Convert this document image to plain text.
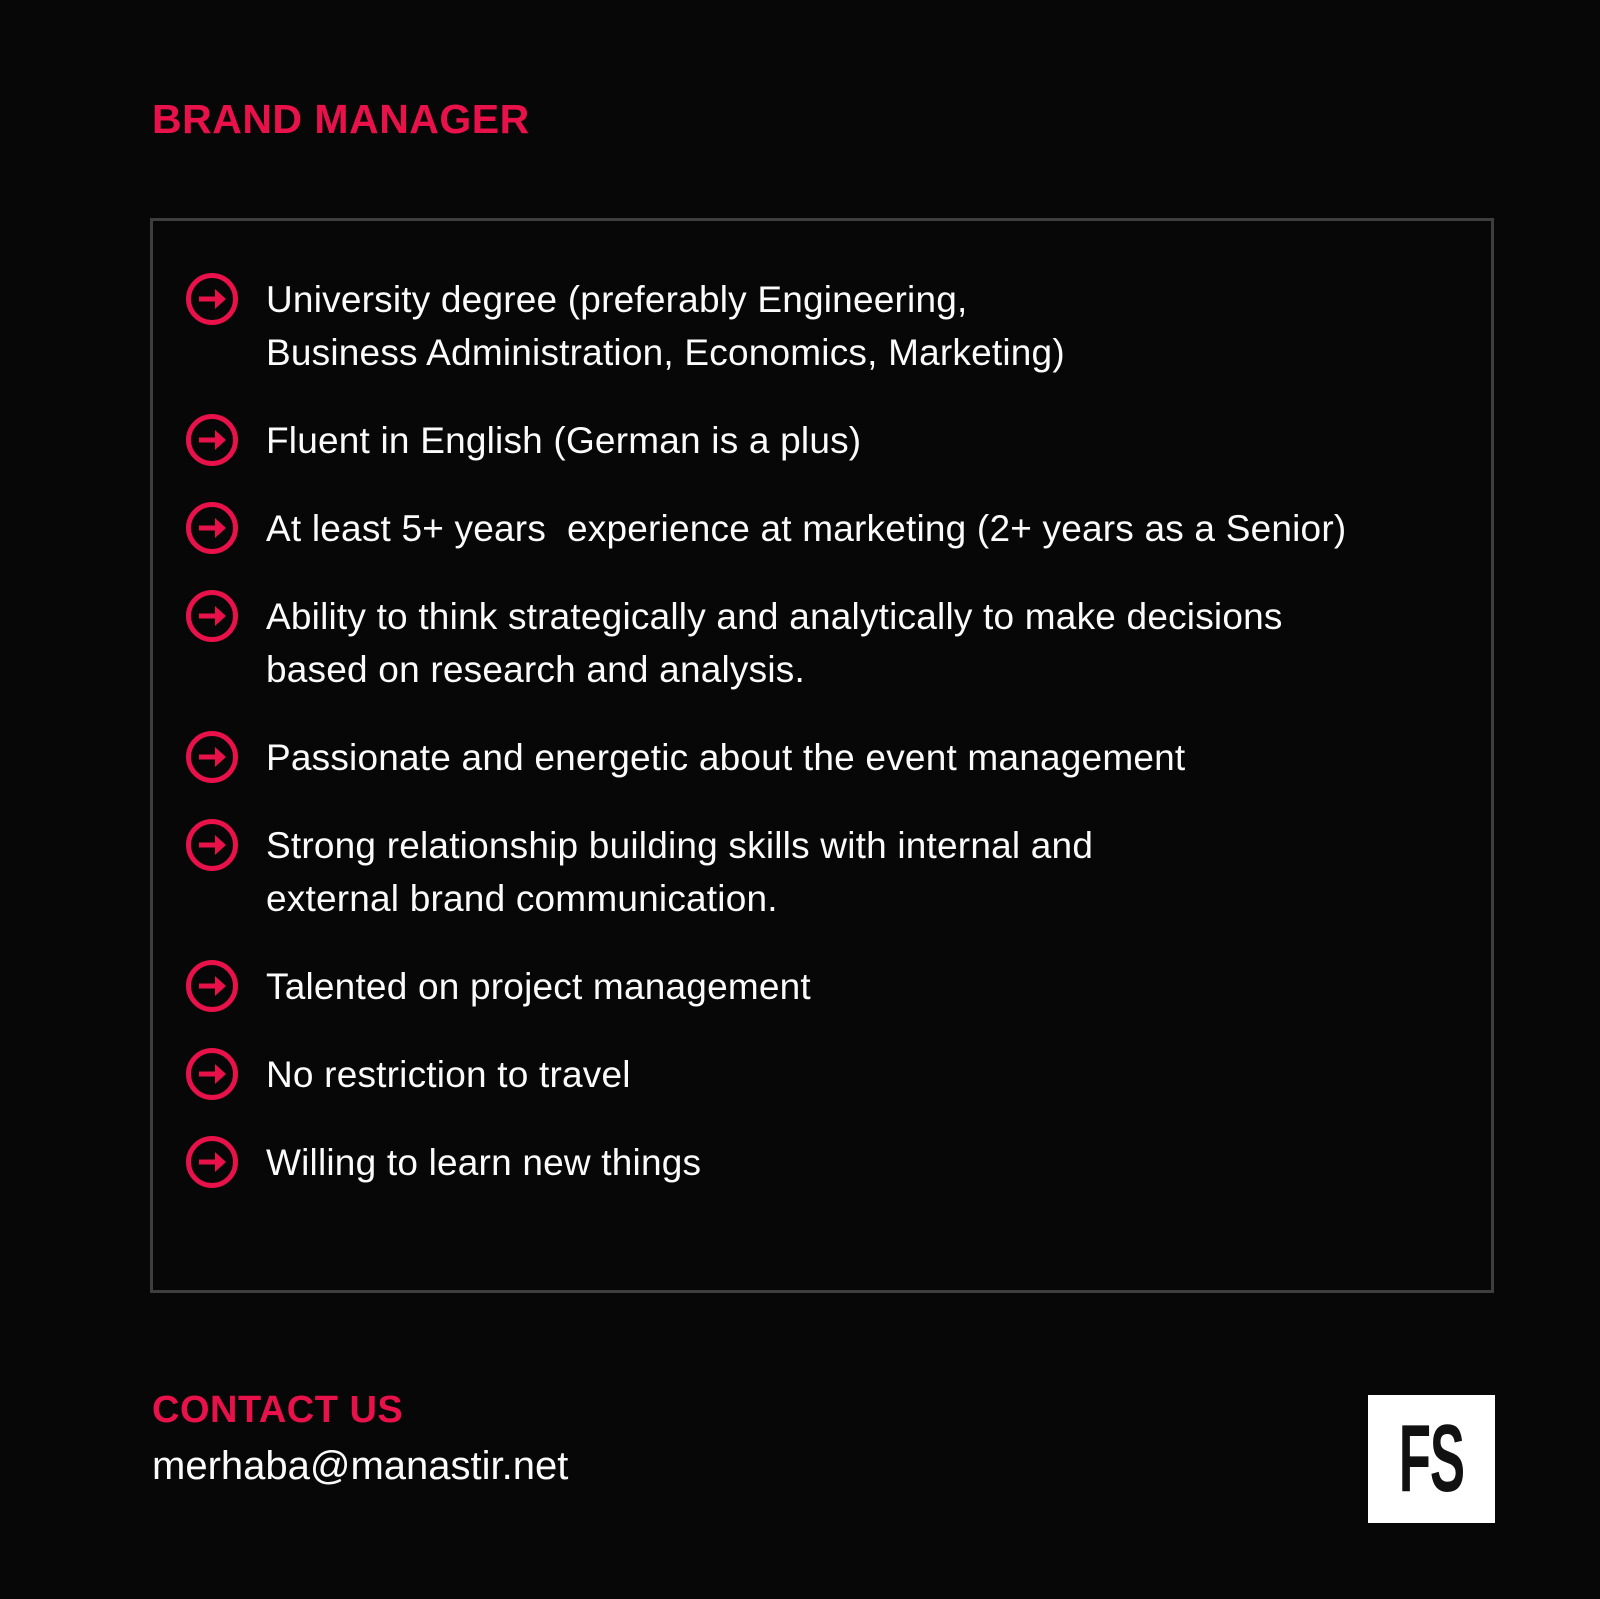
BRAND MANAGER
University degree (preferably Engineering,
Business Administration, Economics, Marketing)
Fluent in English (German is a plus)
At least 5+ years  experience at marketing (2+ years as a Senior)
Ability to think strategically and analytically to make decisions
based on research and analysis.
Passionate and energetic about the event management
Strong relationship building skills with internal and
external brand communication.
Talented on project management
No restriction to travel
Willing to learn new things
CONTACT US
merhaba@manastir.net	FS
